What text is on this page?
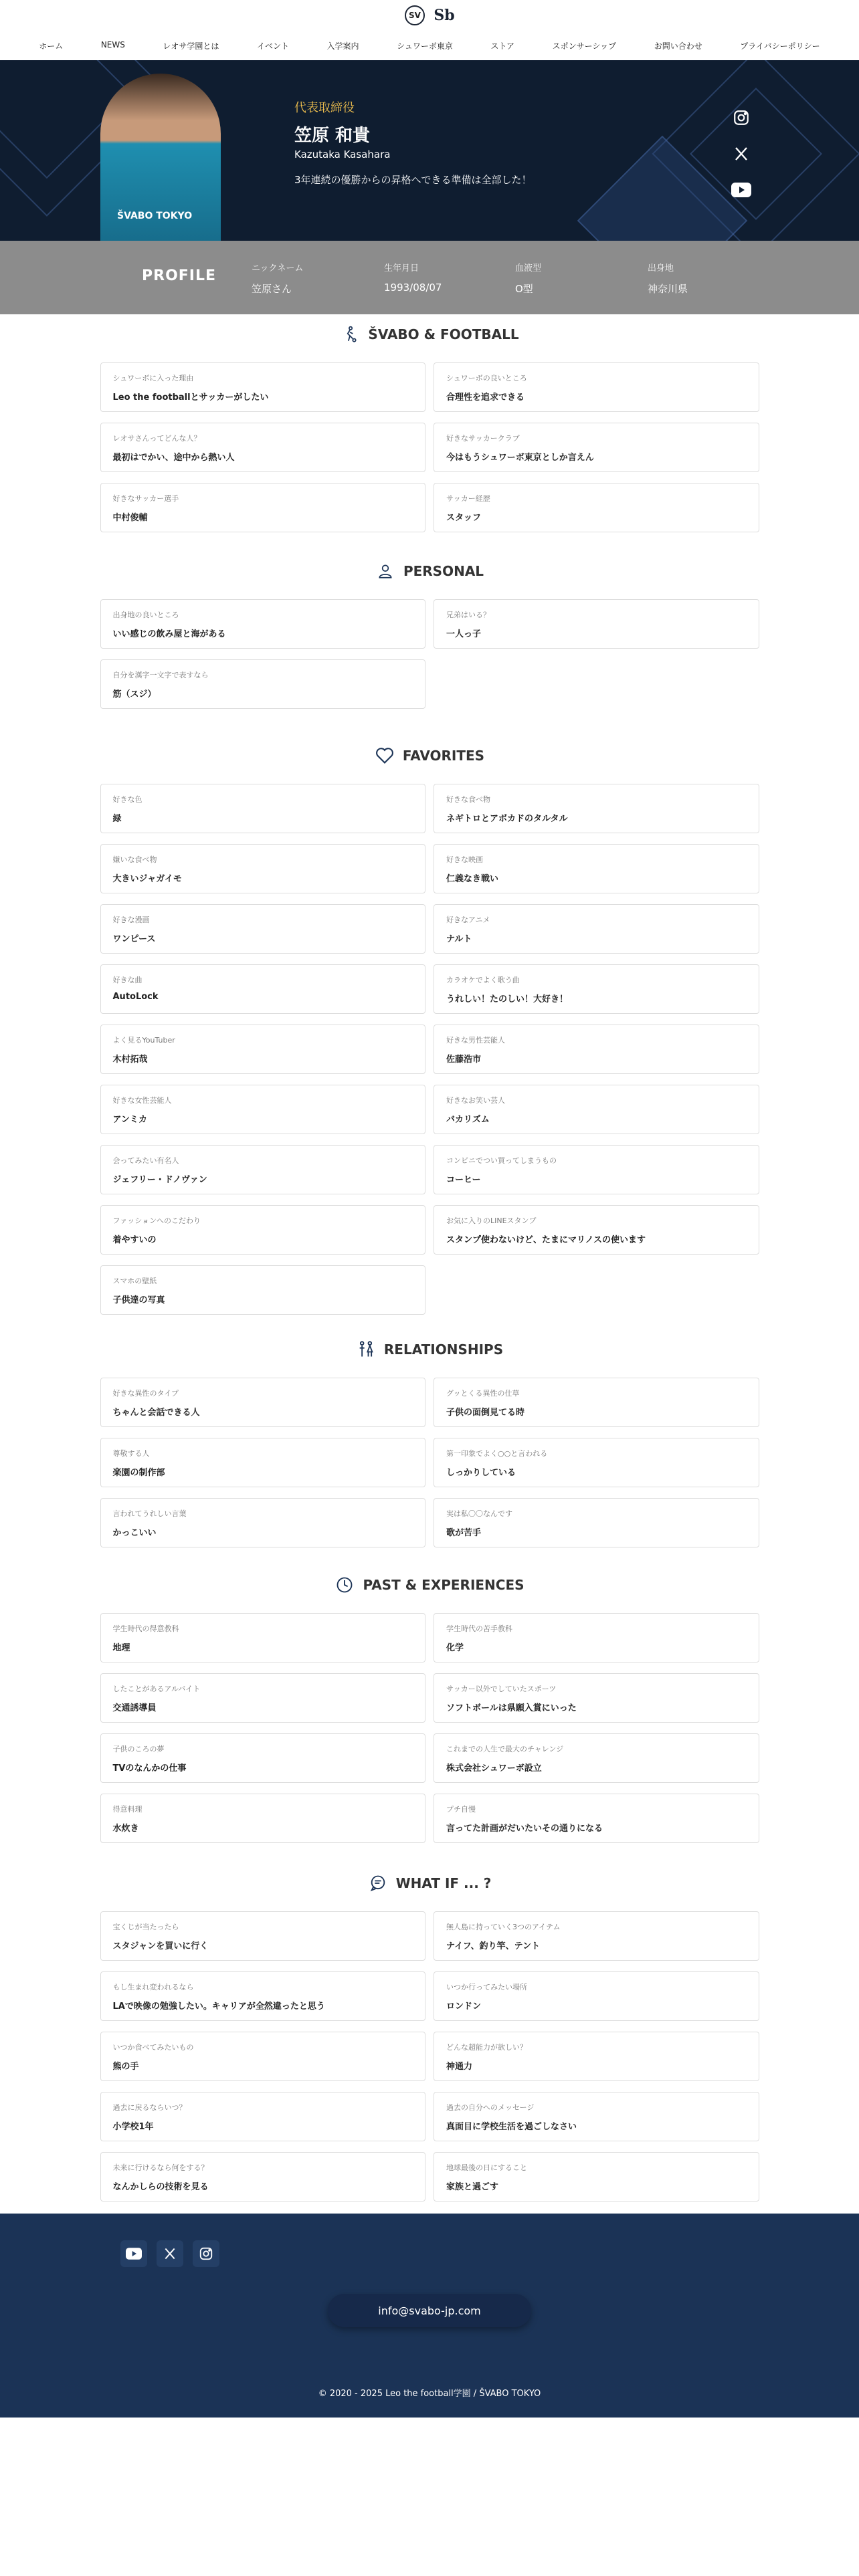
SV Sb
ホーム	NEWS	レオサ学園とは	イベント	入学案内	シュワーボ東京	ストア	スポンサーシップ	お問い合わせ	プライバシーポリシー
ŠVABO TOKYO
代表取締役
笠原 和貴
Kazutaka Kasahara
3年連続の優勝からの昇格へできる準備は全部した！
PROFILE	ニックネーム
笠原さん
生年月日
1993/08/07
血液型
O型
出身地
神奈川県
ŠVABO & FOOTBALL
シュワーボに入った理由
Leo the footballとサッカーがしたい
シュワーボの良いところ
合理性を追求できる
レオサさんってどんな人？
最初はでかい、途中から熱い人
好きなサッカークラブ
今はもうシュワーボ東京としか言えん
好きなサッカー選手
中村俊輔
サッカー経歴
スタッフ
PERSONAL
出身地の良いところ
いい感じの飲み屋と海がある
兄弟はいる？
一人っ子
自分を漢字一文字で表すなら
筋（スジ）
FAVORITES
好きな色
緑
好きな食べ物
ネギトロとアボカドのタルタル
嫌いな食べ物
大きいジャガイモ
好きな映画
仁義なき戦い
好きな漫画
ワンピース
好きなアニメ
ナルト
好きな曲
AutoLock
カラオケでよく歌う曲
うれしい！たのしい！大好き！
よく見るYouTuber
木村拓哉
好きな男性芸能人
佐藤浩市
好きな女性芸能人
アンミカ
好きなお笑い芸人
バカリズム
会ってみたい有名人
ジェフリー・ドノヴァン
コンビニでつい買ってしまうもの
コーヒー
ファッションへのこだわり
着やすいの
お気に入りのLINEスタンプ
スタンプ使わないけど、たまにマリノスの使います
スマホの壁紙
子供達の写真
RELATIONSHIPS
好きな異性のタイプ
ちゃんと会話できる人
グッとくる異性の仕草
子供の面倒見てる時
尊敬する人
楽園の制作部
第一印象でよく○○と言われる
しっかりしている
言われてうれしい言葉
かっこいい
実は私〇〇なんです
歌が苦手
PAST & EXPERIENCES
学生時代の得意教科
地理
学生時代の苦手教科
化学
したことがあるアルバイト
交通誘導員
サッカー以外でしていたスポーツ
ソフトボールは県願入賞にいった
子供のころの夢
TVのなんかの仕事
これまでの人生で最大のチャレンジ
株式会社シュワーボ設立
得意料理
水炊き
プチ自慢
言ってた計画がだいたいその通りになる
WHAT IF ... ?
宝くじが当たったら
スタジャンを買いに行く
無人島に持っていく3つのアイテム
ナイフ、釣り竿、テント
もし生まれ変われるなら
LAで映像の勉強したい。キャリアが全然違ったと思う
いつか行ってみたい場所
ロンドン
いつか食べてみたいもの
熊の手
どんな超能力が欲しい？
神通力
過去に戻るならいつ？
小学校1年
過去の自分へのメッセージ
真面目に学校生活を過ごしなさい
未来に行けるなら何をする？
なんかしらの技術を見る
地球最後の日にすること
家族と過ごす
info@svabo-jp.com
© 2020 - 2025 Leo the football学園 / ŠVABO TOKYO
